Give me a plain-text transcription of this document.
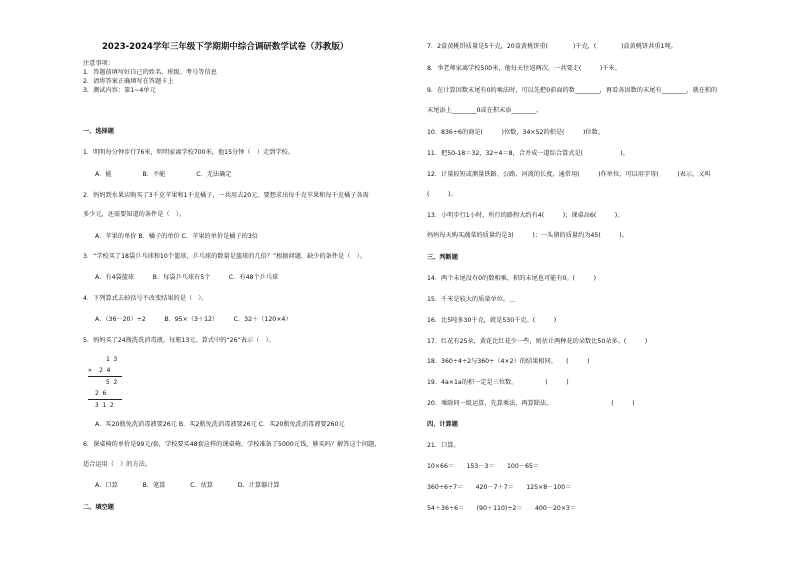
2023-2024学年三年级下学期期中综合调研数学试卷（苏教版）
注意事项：
1．答题前填写好自己的姓名、班级、考号等信息
2．请将答案正确填写在答题卡上
3．测试内容：第1~4单元
一、选择题
1．明明每分钟步行76米，明明家离学校700米，他15分钟（　）走到学校。
A．能　　　　　B．不能　　　　　C．无法确定
2．妈妈到水果店购买了3千克苹果和1千克橘子，一共用去20元。要想求出每千克苹果和每千克橘子各需
多少元，还需要知道的条件是（　）。
A．苹果的单价 B．橘子的单价 C．苹果的单价是橘子的3倍
3．“学校买了18袋乒乓球和10个篮球，乒乓球的数量是篮球的几倍？”根据问题，缺少的条件是（　）。
A．有4袋篮球　　　B．每袋乒乓球有5个　　　C．有48个乒乓球
4．下列算式去掉括号不改变结果的是（　）。
A．（36－20）÷2　　　B．95×（3＋12）　　　C．32＋（120×4）
5．妈妈买了24瓶洗洗消毒液，每瓶13元。算式中的“26”表示（　）。
1 3
×  2 4
5 2
2 6
3 1 2
A．买20瓶免洗消毒液要26元 B．买2瓶免洗消毒液要26元 C．买20瓶免洗消毒液要260元
6．课桌椅的单价是99元/套，学校要买48套这样的课桌椅，学校准备了5000元钱，够买吗？解答这个问题，
适合运用（　）的方法。
A．口算　　　　B．笔算　　　　C．估算　　　　D．计算器计算
二、填空题
7．2盒黄桃饼质量是5千克，20盒黄桃饼重(　　　　)千克，(　　　　)盒黄桃饼共重1吨。
8．李老师家离学校500米，他每天往返两次，一共要走(　　　)千米。
9．在计算因数末尾有0的乘法时，可以先把0前面的数________，再看各因数的末尾有________，就在积的
末尾添上________0或在积末添________。
10．836÷6的商是(　　　)位数，34×52的积是(　　　)位数。
11．把50-18＝32，32÷4＝8，合并成一道综合算式是(　　　　　　)。
12．计量较短或测量铁路、公路、河流的长度，通常用(　　　)作单位，可以用字母(　　　)表示，又叫
(　　　)。
13．小明步行1小时，所行的路程大约有4(　　　)；课桌高6(　　　)。
妈妈每天购买蔬菜的质量约是3(　　　)；一头猪的质量约为45(　　　)。
三、判断题
14．两个末尾没有0的数相乘，积的末尾也可能有0。(　　　)
15．千米是较大的质量单位。＿
16．比5吨多30千克，就是530千克。(　　　)
17．红花有25朵，黄花比红花少一些，则估计两种花的朵数比50朵多。(　　　)
18．360÷4÷2与360÷（4×2）的结果相同。　　(　　　)
19．4a×1a的积一定是三位数。　　　　　(　　　)
20．乘除同一级运算，先算乘法，再算除法。　　　　　　　　　　(　　　)
四、计算题
21．口算。
10×66＝　　153－3＝　　100－65＝
360÷6÷7＝　　420－7＋7＝　　125×8－100＝
54＋36÷6＝　　(90＋110)÷2＝　　400－20×3＝
